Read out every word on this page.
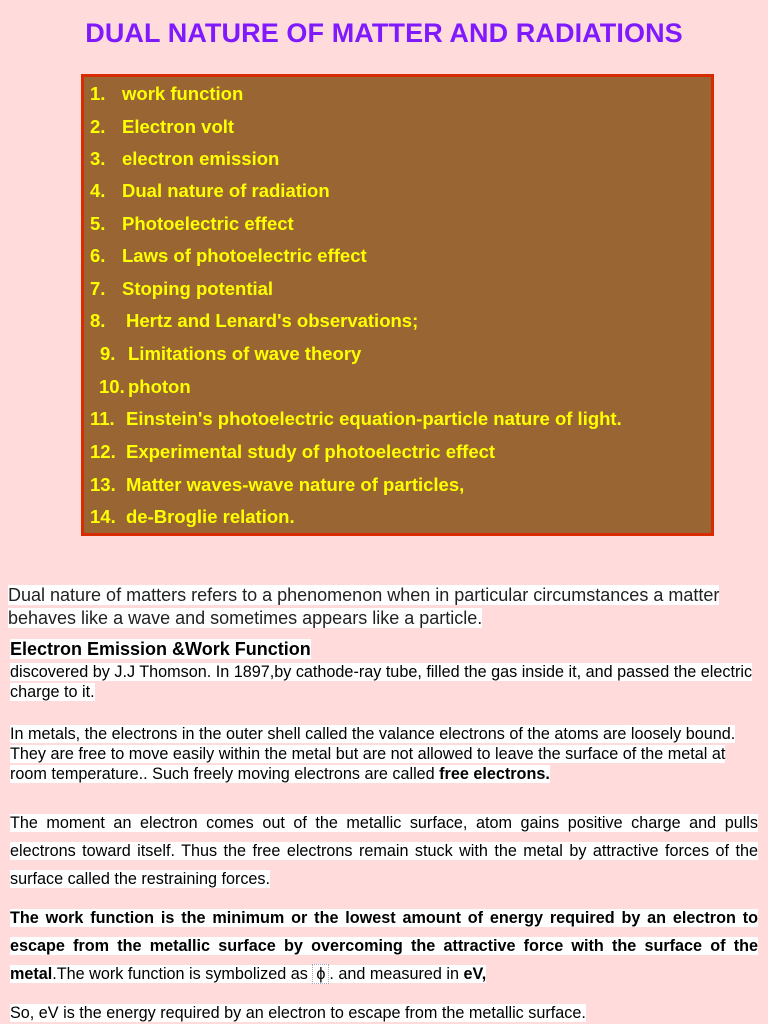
DUAL NATURE OF MATTER AND RADIATIONS
1. work function
2. Electron volt
3. electron emission
4. Dual nature of radiation
5. Photoelectric effect
6. Laws of photoelectric effect
7. Stoping potential
8. Hertz and Lenard's observations;
9. Limitations of wave theory
10. photon
11. Einstein's photoelectric equation-particle nature of light.
12. Experimental study of photoelectric effect
13. Matter waves-wave nature of particles,
14. de-Broglie relation.
Dual nature of matters refers to a phenomenon when in particular circumstances a matter behaves like a wave and sometimes appears like a particle.
Electron Emission &Work Function
discovered by J.J Thomson. In 1897,by cathode-ray tube, filled the gas inside it, and passed the electric charge to it.
In metals, the electrons in the outer shell called the valance electrons of the atoms are loosely bound. They are free to move easily within the metal but are not allowed to leave the surface of the metal at room temperature.. Such freely moving electrons are called free electrons.
The moment an electron comes out of the metallic surface, atom gains positive charge and pulls electrons toward itself. Thus the free electrons remain stuck with the metal by attractive forces of the surface called the restraining forces.
The work function is the minimum or the lowest amount of energy required by an electron to escape from the metallic surface by overcoming the attractive force with the surface of the metal.The work function is symbolized as ϕ . and measured in eV,
So, eV is the energy required by an electron to escape from the metallic surface.
